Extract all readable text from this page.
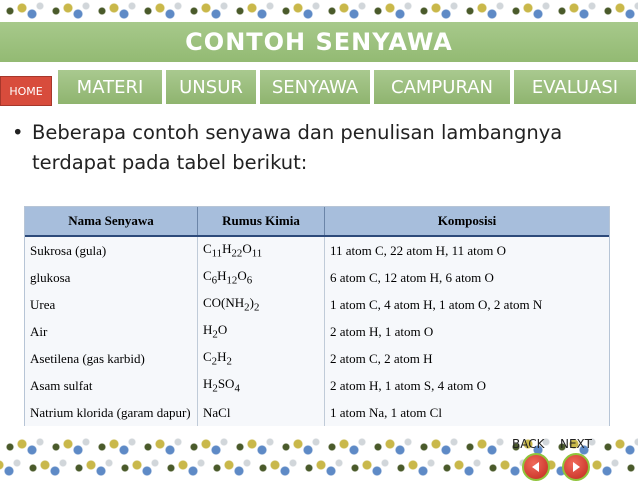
CONTOH SENYAWA
HOME	MATERI	UNSUR	SENYAWA	CAMPURAN	EVALUASI
• Beberapa contoh senyawa dan penulisan lambangnya terdapat pada tabel berikut:
Nama Senyawa	Rumus Kimia	Komposisi
Sukrosa (gula)	$C_{11}H_{22}O_{11}$	11 atom C, 22 atom H, 11 atom O
glukosa	$C_6H_{12}O_6$	6 atom C, 12 atom H, 6 atom O
Urea	$CO(NH_2)_2$	1 atom C, 4 atom H, 1 atom O, 2 atom N
Air	$H_2O$	2 atom H, 1 atom O
Asetilena (gas karbid)	$C_2H_2$	2 atom C, 2 atom H
Asam sulfat	$H_2SO_4$	2 atom H, 1 atom S, 4 atom O
Natrium klorida (garam dapur)	NaCl	1 atom Na, 1 atom Cl
BACK NEXT
